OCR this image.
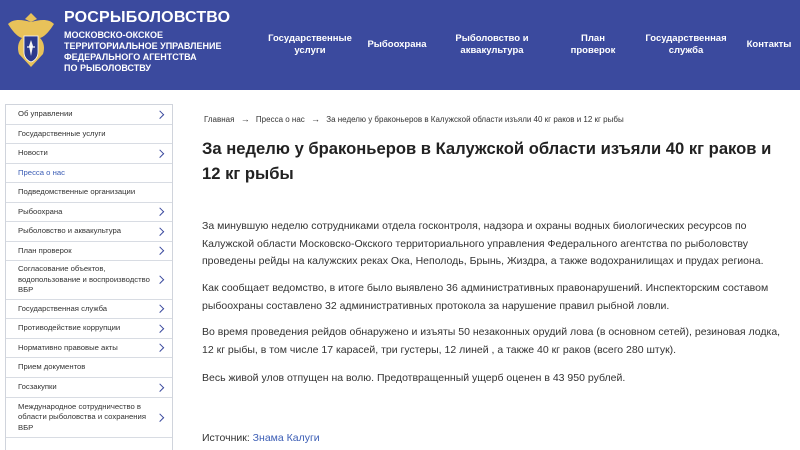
РОСРЫБОЛОВСТВО
МОСКОВСКО-ОКСКОЕ
ТЕРРИТОРИАЛЬНОЕ УПРАВЛЕНИЕ
ФЕДЕРАЛЬНОГО АГЕНТСТВА
ПО РЫБОЛОВСТВУ
Государственные
услуги
Рыбоохрана
Рыболовство и
аквакультура
План
проверок
Государственная
служба
Контакты
Об управлении
Государственные услуги
Новости
Пресса о нас
Подведомственные организации
Рыбоохрана
Рыболовство и аквакультура
План проверок
Согласование объектов, водопользование и воспроизводство ВБР
Государственная служба
Противодействие коррупции
Нормативно правовые акты
Прием документов
Госзакупки
Международное сотрудничество в области рыболовства и сохранения ВБР
Главная → Пресса о нас → За неделю у браконьеров в Калужской области изъяли 40 кг раков и 12 кг рыбы
За неделю у браконьеров в Калужской области изъяли 40 кг раков и 12 кг рыбы
За минувшую неделю сотрудниками отдела госконтроля, надзора и охраны водных биологических ресурсов по Калужской области Московско-Окского территориального управления Федерального агентства по рыболовству проведены рейды на калужских реках Ока, Неполодь, Брынь, Жиздра, а также водохранилищах и прудах региона.
Как сообщает ведомство, в итоге было выявлено 36 административных правонарушений. Инспекторским составом рыбоохраны составлено 32 административных протокола за нарушение правил рыбной ловли.
Во время проведения рейдов обнаружено и изъяты 50 незаконных орудий лова (в основном сетей), резиновая лодка, 12 кг рыбы, в том числе 17 карасей, три густеры, 12 линей , а также 40 кг раков (всего 280 штук).
Весь живой улов отпущен на волю. Предотвращенный ущерб оценен в 43 950 рублей.
Источник: Знама Калуги
